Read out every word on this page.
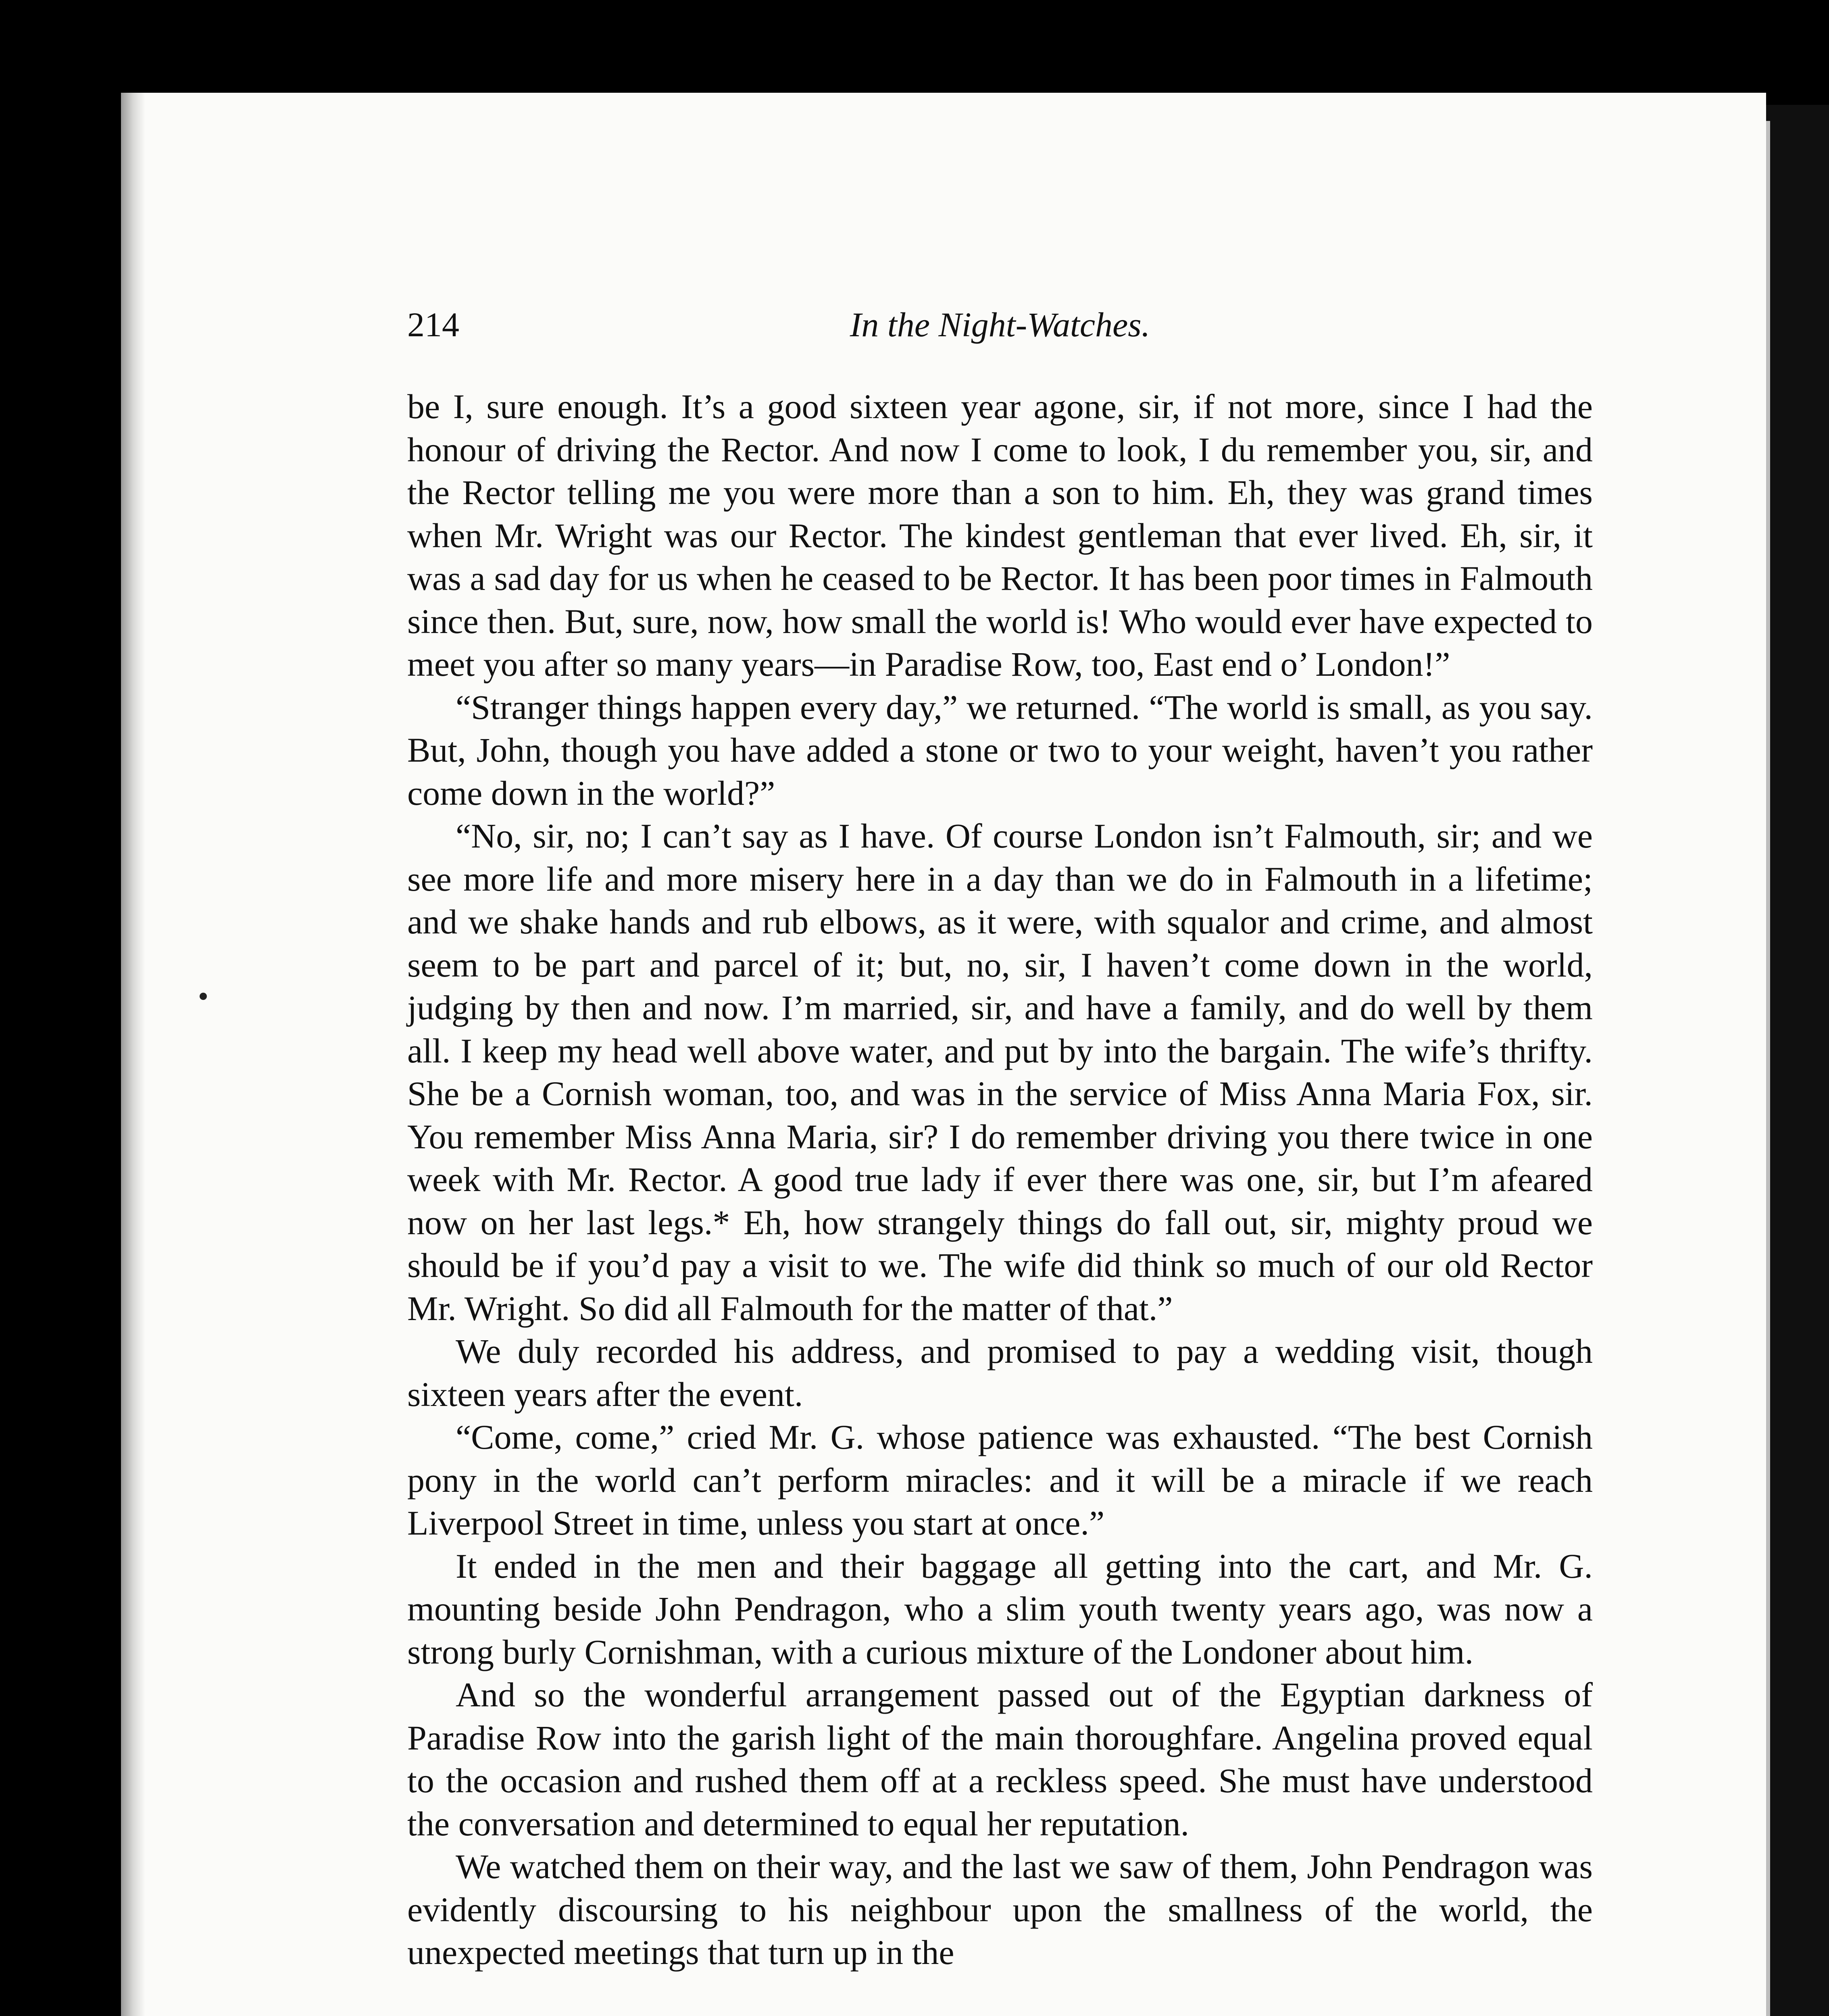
214	In the Night-Watches.

be I, sure enough. It’s a good sixteen year agone, sir, if not more, since I had the honour of driving the Rector. And now I come to look, I du remember you, sir, and the Rector telling me you were more than a son to him. Eh, they was grand times when Mr. Wright was our Rector. The kindest gentleman that ever lived. Eh, sir, it was a sad day for us when he ceased to be Rector. It has been poor times in Falmouth since then. But, sure, now, how small the world is! Who would ever have expected to meet you after so many years—in Paradise Row, too, East end o’ London!”

“Stranger things happen every day,” we returned. “The world is small, as you say. But, John, though you have added a stone or two to your weight, haven’t you rather come down in the world?”

“No, sir, no; I can’t say as I have. Of course London isn’t Falmouth, sir; and we see more life and more misery here in a day than we do in Falmouth in a lifetime; and we shake hands and rub elbows, as it were, with squalor and crime, and almost seem to be part and parcel of it; but, no, sir, I haven’t come down in the world, judging by then and now. I’m married, sir, and have a family, and do well by them all. I keep my head well above water, and put by into the bargain. The wife’s thrifty. She be a Cornish woman, too, and was in the service of Miss Anna Maria Fox, sir. You remember Miss Anna Maria, sir? I do remember driving you there twice in one week with Mr. Rector. A good true lady if ever there was one, sir, but I’m afeared now on her last legs.* Eh, how strangely things do fall out, sir, mighty proud we should be if you’d pay a visit to we. The wife did think so much of our old Rector Mr. Wright. So did all Falmouth for the matter of that.”

We duly recorded his address, and promised to pay a wedding visit, though sixteen years after the event.

“Come, come,” cried Mr. G. whose patience was exhausted. “The best Cornish pony in the world can’t perform miracles: and it will be a miracle if we reach Liverpool Street in time, unless you start at once.”

It ended in the men and their baggage all getting into the cart, and Mr. G. mounting beside John Pendragon, who a slim youth twenty years ago, was now a strong burly Cornishman, with a curious mixture of the Londoner about him.

And so the wonderful arrangement passed out of the Egyptian darkness of Paradise Row into the garish light of the main thoroughfare. Angelina proved equal to the occasion and rushed them off at a reckless speed. She must have understood the conversation and determined to equal her reputation.

We watched them on their way, and the last we saw of them, John Pendragon was evidently discoursing to his neighbour upon the smallness of the world, the unexpected meetings that turn up in the
